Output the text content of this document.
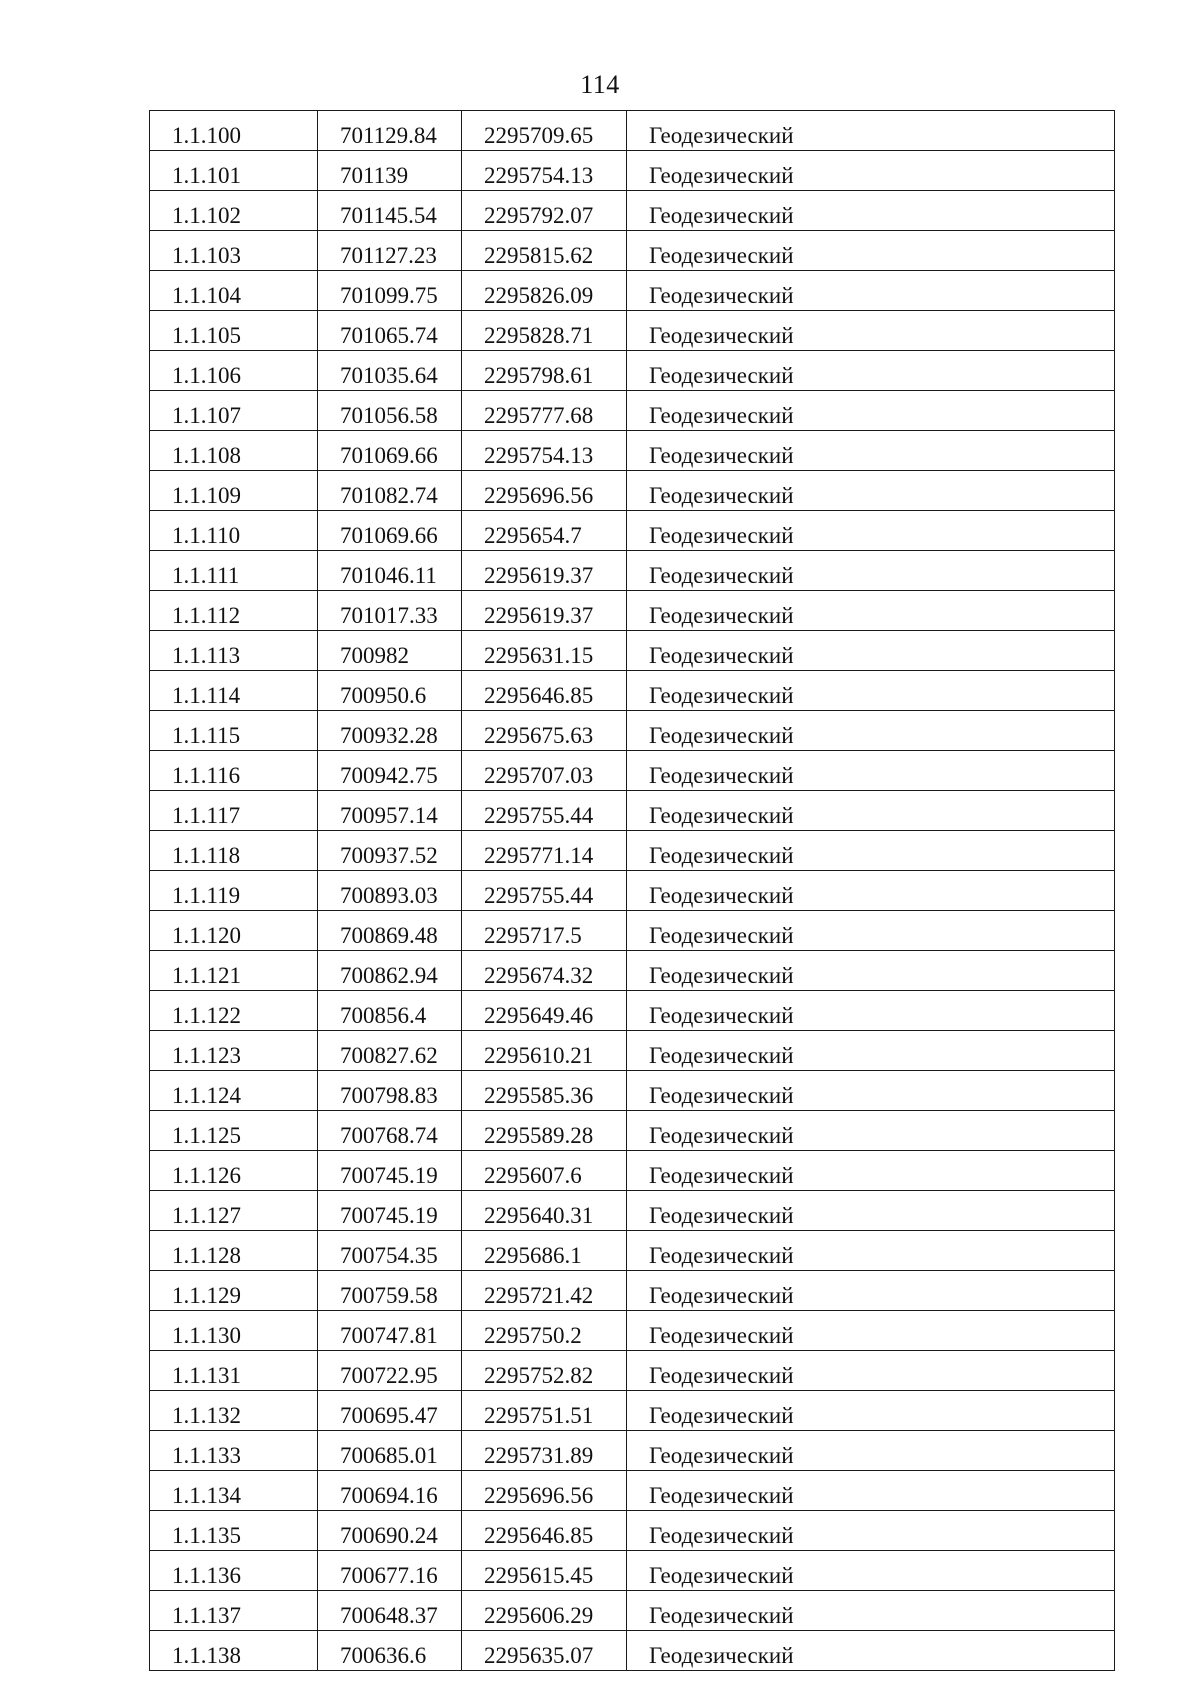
114
1.1.100	701129.84	2295709.65	Геодезический
1.1.101	701139	2295754.13	Геодезический
1.1.102	701145.54	2295792.07	Геодезический
1.1.103	701127.23	2295815.62	Геодезический
1.1.104	701099.75	2295826.09	Геодезический
1.1.105	701065.74	2295828.71	Геодезический
1.1.106	701035.64	2295798.61	Геодезический
1.1.107	701056.58	2295777.68	Геодезический
1.1.108	701069.66	2295754.13	Геодезический
1.1.109	701082.74	2295696.56	Геодезический
1.1.110	701069.66	2295654.7	Геодезический
1.1.111	701046.11	2295619.37	Геодезический
1.1.112	701017.33	2295619.37	Геодезический
1.1.113	700982	2295631.15	Геодезический
1.1.114	700950.6	2295646.85	Геодезический
1.1.115	700932.28	2295675.63	Геодезический
1.1.116	700942.75	2295707.03	Геодезический
1.1.117	700957.14	2295755.44	Геодезический
1.1.118	700937.52	2295771.14	Геодезический
1.1.119	700893.03	2295755.44	Геодезический
1.1.120	700869.48	2295717.5	Геодезический
1.1.121	700862.94	2295674.32	Геодезический
1.1.122	700856.4	2295649.46	Геодезический
1.1.123	700827.62	2295610.21	Геодезический
1.1.124	700798.83	2295585.36	Геодезический
1.1.125	700768.74	2295589.28	Геодезический
1.1.126	700745.19	2295607.6	Геодезический
1.1.127	700745.19	2295640.31	Геодезический
1.1.128	700754.35	2295686.1	Геодезический
1.1.129	700759.58	2295721.42	Геодезический
1.1.130	700747.81	2295750.2	Геодезический
1.1.131	700722.95	2295752.82	Геодезический
1.1.132	700695.47	2295751.51	Геодезический
1.1.133	700685.01	2295731.89	Геодезический
1.1.134	700694.16	2295696.56	Геодезический
1.1.135	700690.24	2295646.85	Геодезический
1.1.136	700677.16	2295615.45	Геодезический
1.1.137	700648.37	2295606.29	Геодезический
1.1.138	700636.6	2295635.07	Геодезический
